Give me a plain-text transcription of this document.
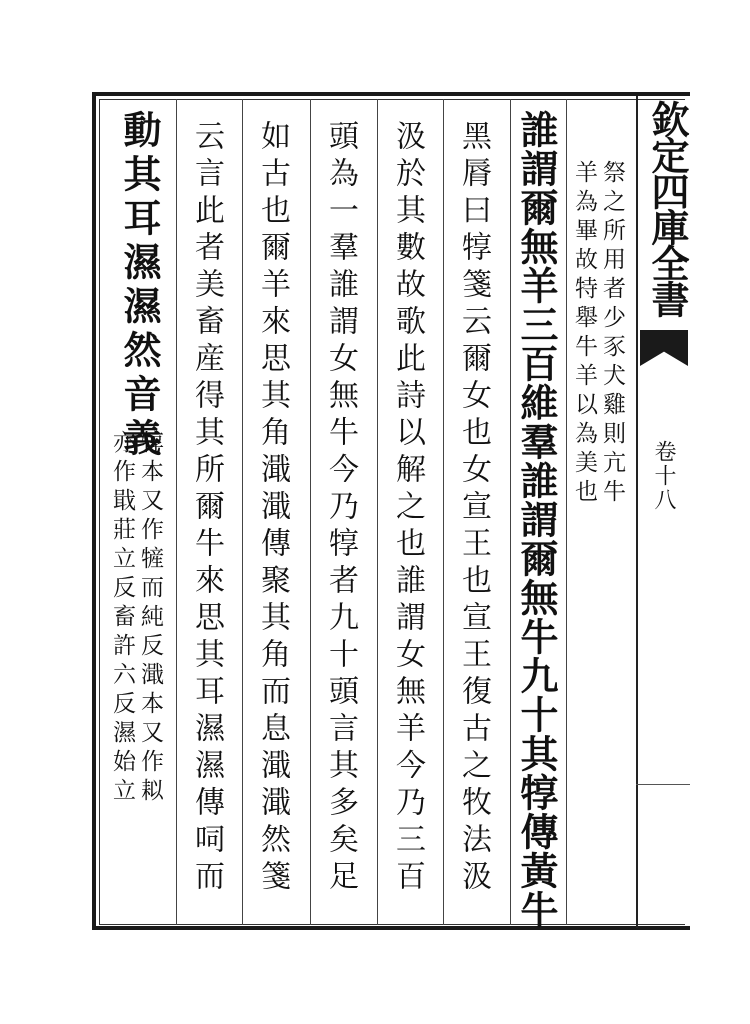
欽定四庫全書
卷十八
祭之所用者少豕犬雞則亢牛
羊為畢故特舉牛羊以為美也
誰謂爾無羊三百維羣誰謂爾無牛九十其犉傳黃牛
黑脣曰犉箋云爾女也女宣王也宣王復古之牧法汲
汲於其數故歌此詩以解之也誰謂女無羊今乃三百
頭為一羣誰謂女無牛今乃犉者九十頭言其多矣足
如古也爾羊來思其角濈濈傳聚其角而息濈濈然箋
云言此者美畜産得其所爾牛來思其耳濕濕傳呞而
動其耳濕濕然音義
犉本又作㹌而純反濈本又作䎣
亦作戢莊立反畜許六反濕始立
